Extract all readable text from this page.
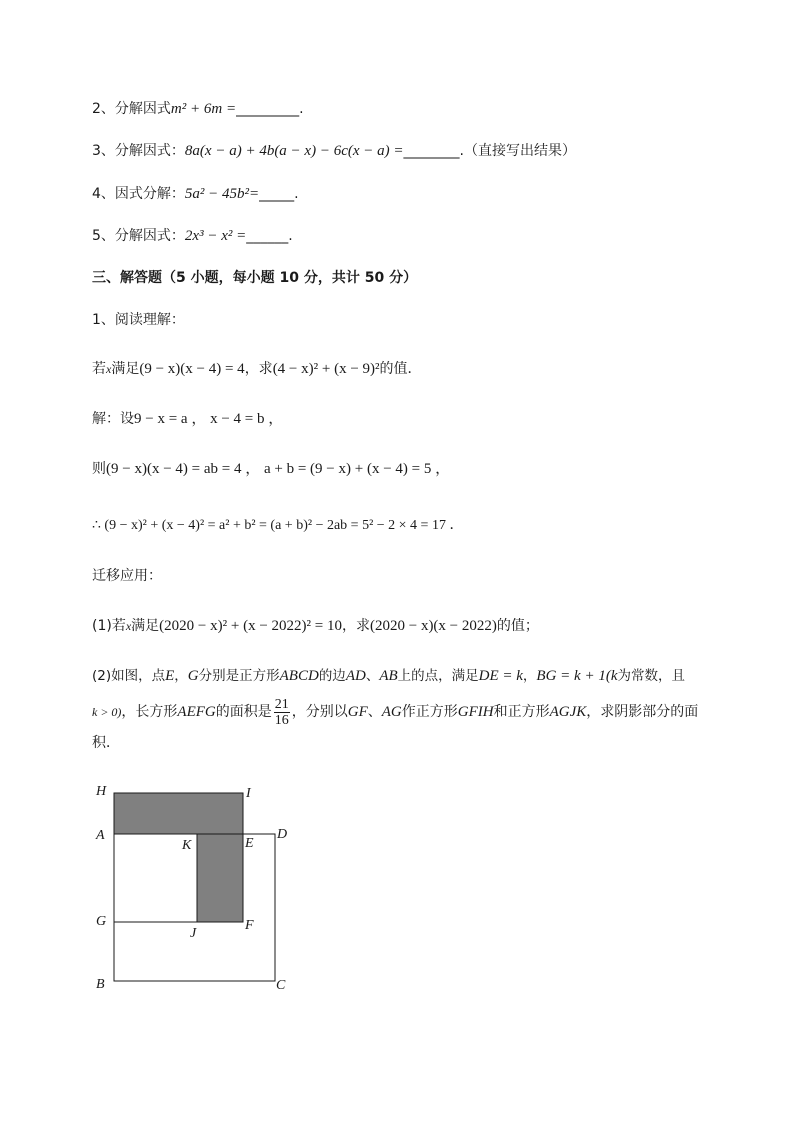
2、分解因式m² + 6m =_________.
3、分解因式：8a(x − a) + 4b(a − x) − 6c(x − a) =________.（直接写出结果）
4、因式分解：5a² − 45b²=_____.
5、分解因式：2x³ − x² =______.
三、解答题（5 小题，每小题 10 分，共计 50 分）
1、阅读理解：
若x满足(9 − x)(x − 4) = 4，求(4 − x)² + (x − 9)²的值．
解：设9 − x = a ， x − 4 = b ，
则(9 − x)(x − 4) = ab = 4 ， a + b = (9 − x) + (x − 4) = 5 ，
∴ (9 − x)² + (x − 4)² = a² + b² = (a + b)² − 2ab = 5² − 2 × 4 = 17 ．
迁移应用：
(1)若x满足(2020 − x)² + (x − 2022)² = 10，求(2020 − x)(x − 2022)的值；
(2)如图，点E，G分别是正方形ABCD的边AD、AB上的点，满足DE = k，BG = k + 1(k为常数，且
k > 0)，长方形AEFG的面积是 $\frac{21}{16}$ ，分别以GF、AG作正方形GFIH和正方形AGJK，求阴影部分的面
积．
H	I
A
K	E
D
G
J
F
B	C
